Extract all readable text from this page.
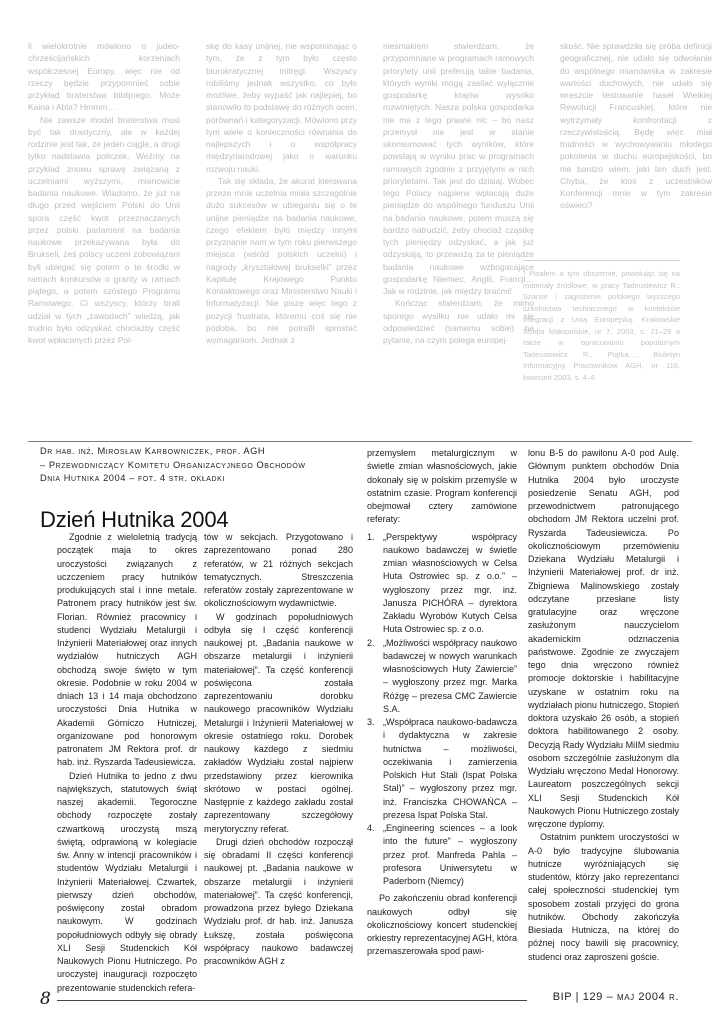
li wielokrotnie mówiono o judeo-chrześcijańskich korzeniach współczesnej Europy, więc nie od rzeczy będzie przypomnieć sobie przykład braterstwa biblijnego. Może Kaina i Abla? Hmmm…

Nie zawsze model braterstwa musi być tak drastyczny, ale w każdej rodzinie jest tak, że jeden ciągle, a drugi tylko nadstawia policzek. Weźmy na przykład znowu sprawę związaną z uczelniami wyższymi, mianowicie badania naukowe. Wiadomo, że już na długo przed wejściem Polski do Unii spora część kwot przeznaczanych przez polski parlament na badania naukowe przekazywana była do Brukseli, żeś polscy uczeni zobowiązani byli ubiegać się potem o te środki w ramach konkursów o granty w ramach piątego, a potem szóstego Programu Ramowego. Ci wszyscy, którzy brali udział w tych „zawodach” wiedzą, jak trudno było odzyskać chociażby część kwot wpłacanych przez Pol-

skę do kasy unijnej, nie wspominając o tym, że z tym było często biurokratycznej mitręgi. Wszyscy robiliśmy jednak wszystko, co było możliwe, żeby wypaść jak najlepiej, bo stanowiło to podstawę do różnych ocen, porównań i kategoryzacji. Mówiono przy tym wiele o konieczności równania do najlepszych i o współpracy międzynarodowej jako o warunku rozwoju nauki.

Tak się składa, że akurat kierowana przeze mnie uczelnia miała szczególnie dużo sukcesów w ubieganiu się o te unijne pieniądze na badania naukowe, czego efektem było między innymi przyznanie nam w tym roku pierwszego miejsca (wśród polskich uczelni) i nagrody „kryształowej brukselki” przez Kapitułę Krajowego Punktu Kontaktowego oraz Ministerstwo Nauki i Informatyzacji. Nie piszę więc tego z pozycji frustrata, któremu coś się nie podoba, bo nie potrafił sprostać wymaganiom. Jednak z

niesmakiem stwierdzam, że przypomniane w programach ramowych priorytety unii preferują takie badania, których wyniki mogą zasilać wyłącznie gospodarkę krajów wysoko rozwiniętych. Nasza polska gospodarka nie ma z tego prawie nic – bo nasz przemysł nie jest w stanie skonsumować tych wyników, które powstają w wyniku prac w programach ramowych zgodnie z przyjętymi w nich priorytetami. Tak jest do dzisiaj. Wobec tego Polacy najpierw wpłacają duże pieniądze do wspólnego funduszu Unii na badania naukowe, potem muszą się bardzo natrudzić, żeby chociaż cząstkę tych pieniędzy odzyskać, a jak już odzyskają, to przeważą za te pieniądze badania naukowe wzbogacające gospodarkę Niemiec, Anglii, Francji… Jak w rodzinie, jak między braćmi!

Kończąc stwierdzam, że mimo sporego wysiłku nie udało mi się odpowiedzieć (samemu sobie) na pytanie, na czym polega europej-

skość. Nie sprawdziła się próba definicji geograficznej, nie udało się odwołanie do wspólnego mianownika w zakresie wartości duchowych, nie udało się wreszcie testowanie haseł Wielkiej Rewolucji Francuskiej, które nie wytrzymały konfrontacji z rzeczywistością. Będę więc miał trudności w wychowywaniu młodego pokolenia w duchu europejskości, bo nie bardzo wiem, jaki ten duch jest. Chyba, że ktoś z uczestników Konferencji mnie w tym zakresie oświeci?

¹ Pisałem o tym obszernie, powołując się na materiały źródłowe, w pracy Tadeusiewicz R.: Szanse i zagrożenie polskiego wyższego szkolnictwa technicznego w kontekście integracji z Unią Europejską. Krakowskie Studia Małopolskie, nr 7, 2003, s. 21–29 a także w opracowaniu popularnym Tadeusiewicz R., Piątka…, Biuletyn Informacyjny Pracowników AGH, nr 116, kwiecień 2003, s. 4–6
Dr hab. inż. Mirosław Karbowniczek, prof. AGH
– Przewodniczący Komitetu Organizacyjnego Obchodów
Dnia Hutnika 2004 – fot. 4 str. okładki
Dzień Hutnika 2004

Zgodnie z wieloletnią tradycją początek maja to okres uroczystości związanych z uczczeniem pracy hutników produkujących stal i inne metale. Patronem pracy hutników jest św. Florian. Również pracownicy i studenci Wydziału Metalurgii i Inżynierii Materiałowej oraz innych wydziałów hutniczych AGH obchodzą swoje święto w tym okresie. Podobnie w roku 2004 w dniach 13 i 14 maja obchodzono uroczystości Dnia Hutnika w Akademii Górniczo Hutniczej, organizowane pod honorowym patronatem JM Rektora prof. dr hab. inż. Ryszarda Tadeusiewicza.

Dzień Hutnika to jedno z dwu największych, statutowych świąt naszej akademii. Tegoroczne obchody rozpoczęte zostały czwartkową uroczystą mszą świętą, odprawioną w kolegiacie św. Anny w intencji pracowników i studentów Wydziału Metalurgii i Inżynierii Materiałowej. Czwartek, pierwszy dzień obchodów, poświęcony został obradom naukowym. W godzinach popołudniowych odbyły się obrady XLI Sesji Studenckich Kół Naukowych Pionu Hutniczego. Po uroczystej inauguracji rozpoczęto prezentowanie studenckich refera-

tów w sekcjach. Przygotowano i zaprezentowano ponad 280 referatów, w 21 różnych sekcjach tematycznych. Streszczenia referatów zostały zaprezentowane w okolicznościowym wydawnictwie.

W godzinach popołudniowych odbyła się I część konferencji naukowej pt. „Badania naukowe w obszarze metalurgii i inżynierii materiałowej”. Ta część konferencji poświęcona została zaprezentowaniu dorobku naukowego pracowników Wydziału Metalurgii i Inżynierii Materiałowej w okresie ostatniego roku. Dorobek naukowy każdego z siedmiu zakładów Wydziału został najpierw przedstawiony przez kierownika skrótowo w postaci ogólnej. Następnie z każdego zakładu został zaprezentowany szczegółowy merytoryczny referat.

Drugi dzień obchodów rozpoczął się obradami II części konferencji naukowej pt. „Badania naukowe w obszarze metalurgii i inżynierii materiałowej”. Ta część konferencji, prowadzona przez byłego Dziekana Wydziału prof. dr hab. inż. Janusza Łukszę, została poświęcona współpracy naukowo badawczej pracowników AGH z

przemysłem metalurgicznym w świetle zmian własnościowych, jakie dokonały się w polskim przemyśle w ostatnim czasie. Program konferencji obejmował cztery zamówione referaty:

1. „Perspektywy współpracy naukowo badawczej w świetle zmian własnościowych w Celsa Huta Ostrowiec sp. z o.o.” – wygłoszony przez mgr. inż. Janusza PICHÓRA – dyrektora Zakładu Wyrobów Kutych Celsa Huta Ostrowiec sp. z o.o.
2. „Możliwości współpracy naukowo badawczej w nowych warunkach własnościowych Huty Zawiercie” – wygłoszony przez mgr. Marka Różgę – prezesa CMC Zawiercie S.A.
3. „Współpraca naukowo-badawcza i dydaktyczna w zakresie hutnictwa – możliwości, oczekiwania i zamierzenia Polskich Hut Stali (Ispat Polska Stal)” – wygłoszony przez mgr. inż. Franciszka CHOWAŃCA – prezesa Ispat Polska Stal.
4. „Engineering sciences – a look into the future” – wygłoszony przez prof. Manfreda Pahla – profesora Uniwersytetu w Paderborn (Niemcy)

Po zakończeniu obrad konferencji naukowych odbył się okolicznościowy koncert studenckiej orkiestry reprezentacyjnej AGH, która przemaszerowała spod pawi-

lonu B-5 do pawilonu A-0 pod Aulę. Głównym punktem obchodów Dnia Hutnika 2004 było uroczyste posiedzenie Senatu AGH, pod przewodnictwem patronującego obchodom JM Rektora uczelni prof. Ryszarda Tadeusiewicza. Po okolicznościowym przemówieniu Dziekana Wydziału Metalurgii i Inżynierii Materiałowej prof. dr inż. Zbigniewa Malinowskiego zostały odczytane przesłane listy gratulacyjne oraz wręczone zasłużonym nauczycielom akademickim odznaczenia państwowe. Zgodnie ze zwyczajem tego dnia wręczono również promocje doktorskie i habilitacyjne uzyskane w ostatnim roku na wydziałach pionu hutniczego. Stopień doktora uzyskało 26 osób, a stopień doktora habilitowanego 2 osoby. Decyzją Rady Wydziału MiIM siedmiu osobom szczególnie zasłużonym dla Wydziału wręczono Medal Honorowy. Laureatom poszczególnych sekcji XLI Sesji Studenckich Kół Naukowych Pionu Hutniczego zostały wręczone dyplomy.

Ostatnim punktem uroczystości w A-0 było tradycyjne ślubowania hutnicze wyróżniających się studentów, którzy jako reprezentanci całej społeczności studenckiej tym sposobem zostali przyjęci do grona hutników. Obchody zakończyła Biesiada Hutnicza, na której do późnej nocy bawili się pracownicy, studenci oraz zaproszeni goście.

8	BIP | 129 – maj 2004 r.
